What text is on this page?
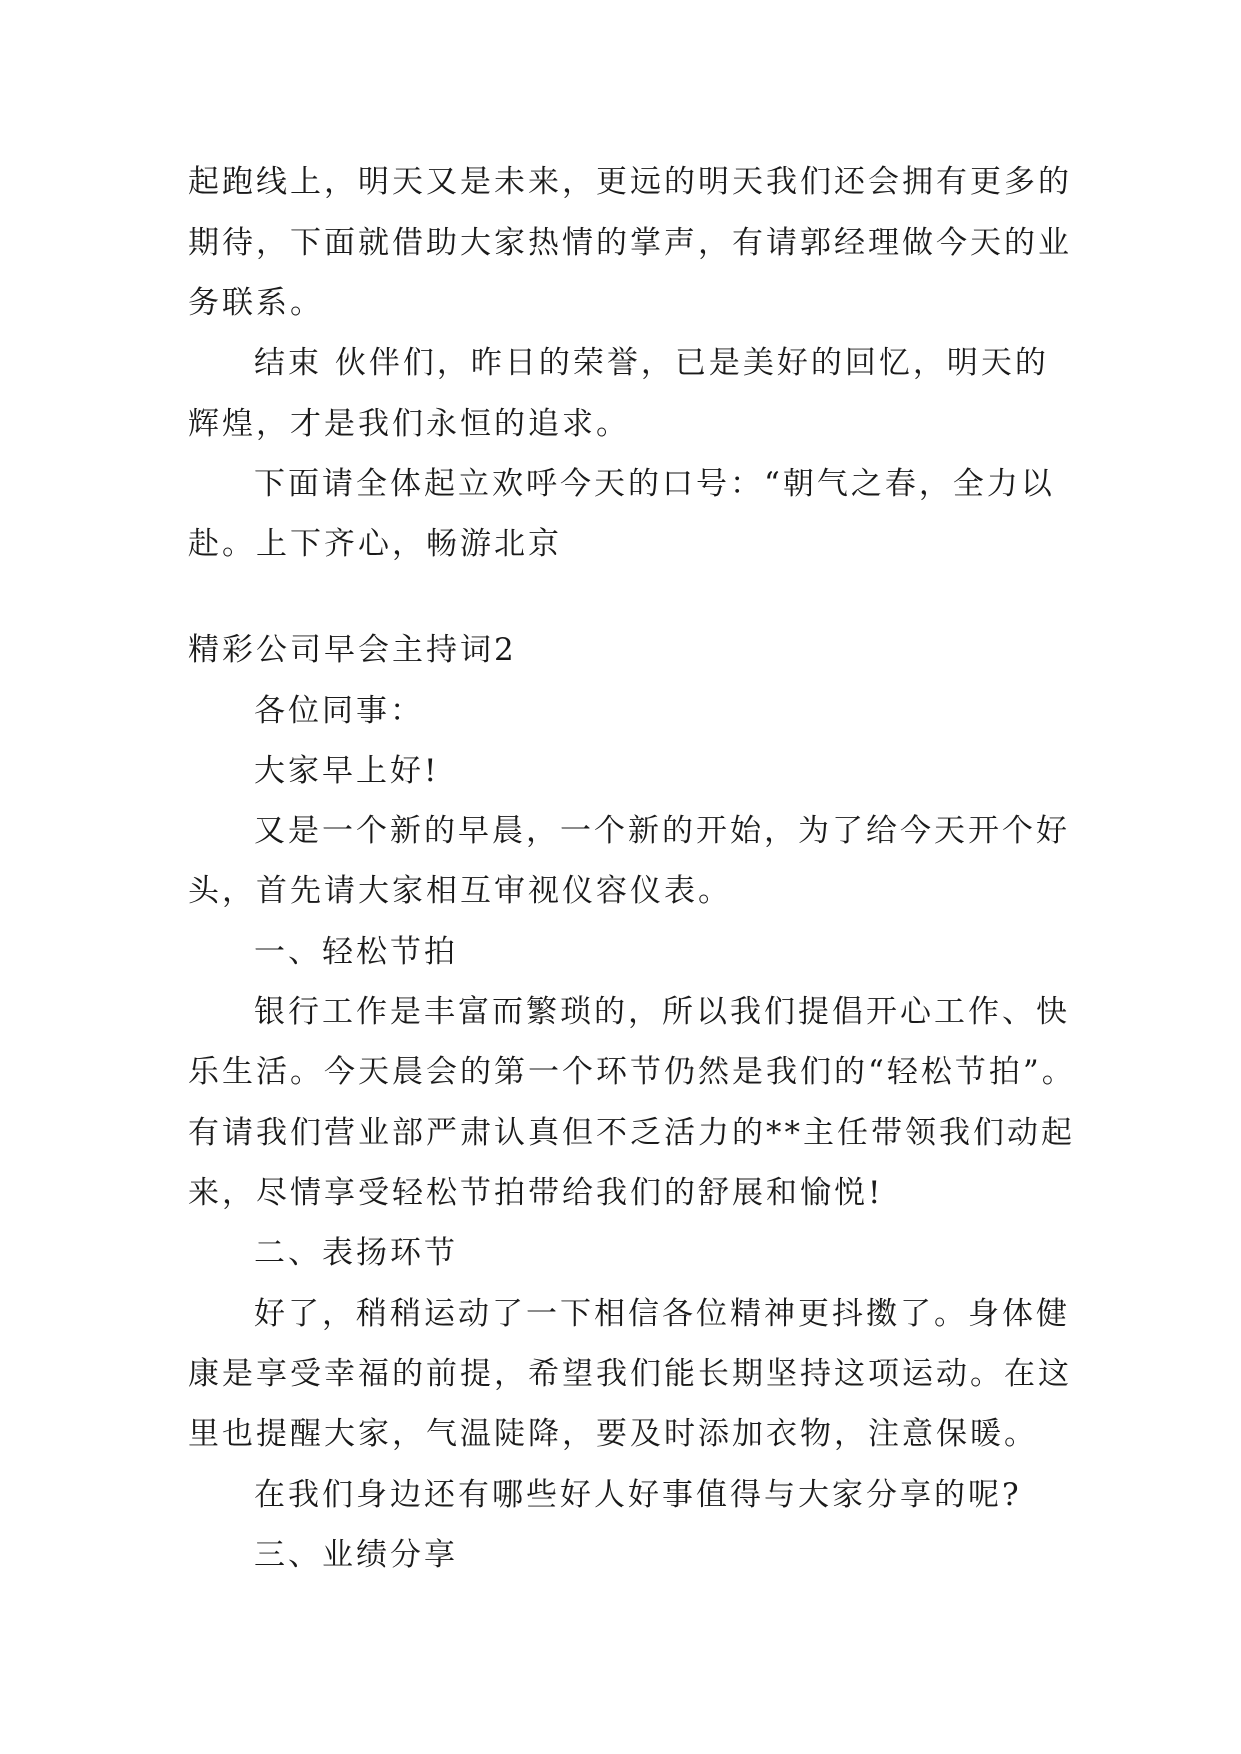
起跑线上，明天又是未来，更远的明天我们还会拥有更多的
期待，下面就借助大家热情的掌声，有请郭经理做今天的业
务联系。
结束 伙伴们，昨日的荣誉，已是美好的回忆，明天的
辉煌，才是我们永恒的追求。
下面请全体起立欢呼今天的口号：“朝气之春，全力以
赴。上下齐心，畅游北京
精彩公司早会主持词2
各位同事：
大家早上好!
又是一个新的早晨，一个新的开始，为了给今天开个好
头，首先请大家相互审视仪容仪表。
一、轻松节拍
银行工作是丰富而繁琐的，所以我们提倡开心工作、快
乐生活。今天晨会的第一个环节仍然是我们的“轻松节拍”。
有请我们营业部严肃认真但不乏活力的**主任带领我们动起
来，尽情享受轻松节拍带给我们的舒展和愉悦!
二、表扬环节
好了，稍稍运动了一下相信各位精神更抖擞了。身体健
康是享受幸福的前提，希望我们能长期坚持这项运动。在这
里也提醒大家，气温陡降，要及时添加衣物，注意保暖。
在我们身边还有哪些好人好事值得与大家分享的呢?
三、业绩分享
